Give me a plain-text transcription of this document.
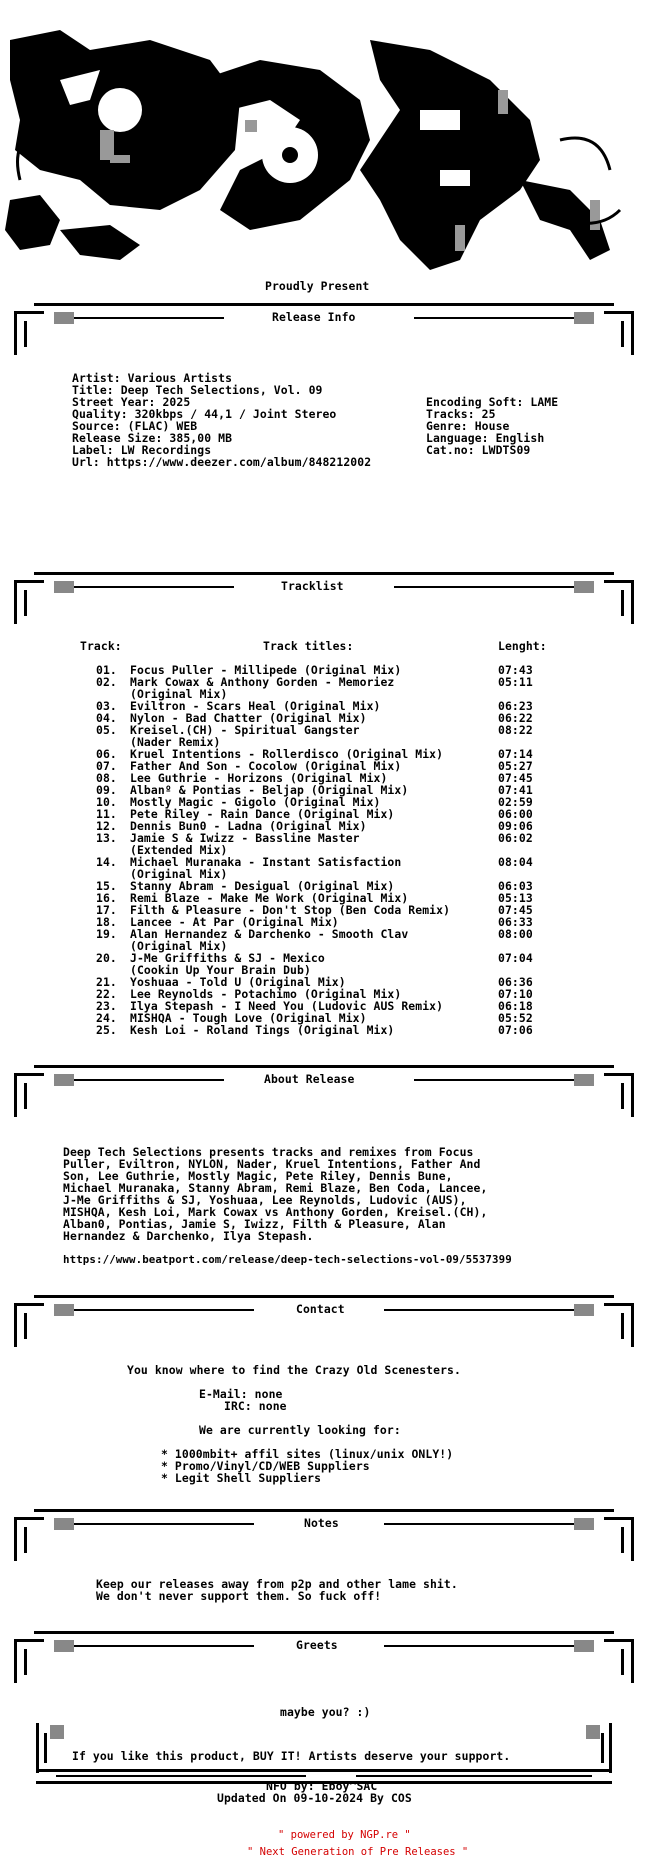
Proudly Present
Release Info
Artist: Various Artists
Title: Deep Tech Selections, Vol. 09
Street Year: 2025
Quality: 320kbps / 44,1 / Joint Stereo
Source: (FLAC) WEB
Release Size: 385,00 MB
Label: LW Recordings
Url: https://www.deezer.com/album/848212002
Encoding Soft: LAME
Tracks: 25
Genre: House
Language: English
Cat.no: LWDTS09
Tracklist
Track:	Track titles:	Lenght:
01. Focus Puller - Millipede (Original Mix)	07:43
02. Mark Cowax & Anthony Gorden - Memoriez	05:11
(Original Mix)
03. Eviltron - Scars Heal (Original Mix)	06:23
04. Nylon - Bad Chatter (Original Mix)	06:22
05. Kreisel.(CH) - Spiritual Gangster	08:22
(Nader Remix)
06. Kruel Intentions - Rollerdisco (Original Mix)	07:14
07. Father And Son - Cocolow (Original Mix)	05:27
08. Lee Guthrie - Horizons (Original Mix)	07:45
09. Albanº & Pontias - Beljap (Original Mix)	07:41
10. Mostly Magic - Gigolo (Original Mix)	02:59
11. Pete Riley - Rain Dance (Original Mix)	06:00
12. Dennis Bun0 - Ladna (Original Mix)	09:06
13. Jamie S & Iwizz - Bassline Master	06:02
(Extended Mix)
14. Michael Muranaka - Instant Satisfaction	08:04
(Original Mix)
15. Stanny Abram - Desigual (Original Mix)	06:03
16. Remi Blaze - Make Me Work (Original Mix)	05:13
17. Filth & Pleasure - Don't Stop (Ben Coda Remix)	07:45
18. Lancee - At Par (Original Mix)	06:33
19. Alan Hernandez & Darchenko - Smooth Clav	08:00
(Original Mix)
20. J-Me Griffiths & SJ - Mexico	07:04
(Cookin Up Your Brain Dub)
21. Yoshuaa - Told U (Original Mix)	06:36
22. Lee Reynolds - Potachimo (Original Mix)	07:10
23. Ilya Stepash - I Need You (Ludovic AUS Remix)	06:18
24. MISHQA - Tough Love (Original Mix)	05:52
25. Kesh Loi - Roland Tings (Original Mix)	07:06
About Release
Deep Tech Selections presents tracks and remixes from Focus
Puller, Eviltron, NYLON, Nader, Kruel Intentions, Father And
Son, Lee Guthrie, Mostly Magic, Pete Riley, Dennis Bune,
Michael Muranaka, Stanny Abram, Remi Blaze, Ben Coda, Lancee,
J-Me Griffiths & SJ, Yoshuaa, Lee Reynolds, Ludovic (AUS),
MISHQA, Kesh Loi, Mark Cowax vs Anthony Gorden, Kreisel.(CH),
Alban0, Pontias, Jamie S, Iwizz, Filth & Pleasure, Alan
Hernandez & Darchenko, Ilya Stepash.
https://www.beatport.com/release/deep-tech-selections-vol-09/5537399
Contact
You know where to find the Crazy Old Scenesters.
E-Mail: none
IRC: none
We are currently looking for:
* 1000mbit+ affil sites (linux/unix ONLY!)
* Promo/Vinyl/CD/WEB Suppliers
* Legit Shell Suppliers
Notes
Keep our releases away from p2p and other lame shit.
We don't never support them. So fuck off!
Greets
maybe you? :)
If you like this product, BUY IT! Artists deserve your support.
NFO by: Eboy^SAC
Updated On 09-10-2024 By COS
" powered by NGP.re "
" Next Generation of Pre Releases "
